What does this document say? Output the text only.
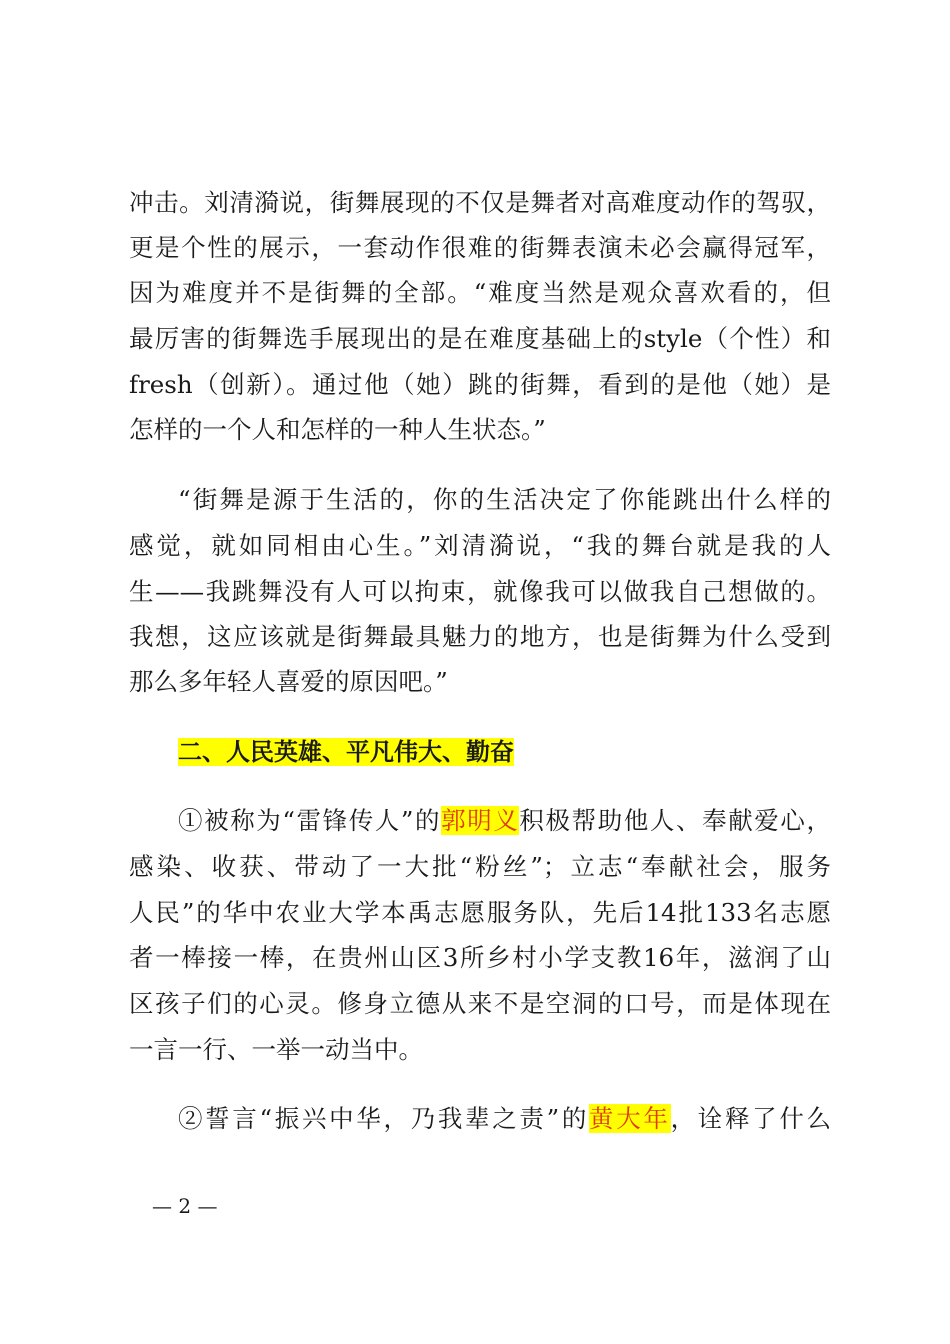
冲击。刘清漪说，街舞展现的不仅是舞者对高难度动作的驾驭，
更是个性的展示，一套动作很难的街舞表演未必会赢得冠军，
因为难度并不是街舞的全部。“难度当然是观众喜欢看的，但
最厉害的街舞选手展现出的是在难度基础上的style（个性）和
fresh（创新）。通过他（她）跳的街舞，看到的是他（她）是
怎样的一个人和怎样的一种人生状态。”
“街舞是源于生活的，你的生活决定了你能跳出什么样的
感觉，就如同相由心生。”刘清漪说，“我的舞台就是我的人
生——我跳舞没有人可以拘束，就像我可以做我自己想做的。
我想，这应该就是街舞最具魅力的地方，也是街舞为什么受到
那么多年轻人喜爱的原因吧。”
二、人民英雄、平凡伟大、勤奋
①被称为“雷锋传人”的郭明义积极帮助他人、奉献爱心，
感染、收获、带动了一大批“粉丝”；立志“奉献社会，服务
人民”的华中农业大学本禹志愿服务队，先后14批133名志愿
者一棒接一棒，在贵州山区3所乡村小学支教16年，滋润了山
区孩子们的心灵。修身立德从来不是空洞的口号，而是体现在
一言一行、一举一动当中。
②誓言“振兴中华，乃我辈之责”的黄大年，诠释了什么
— 2 —
